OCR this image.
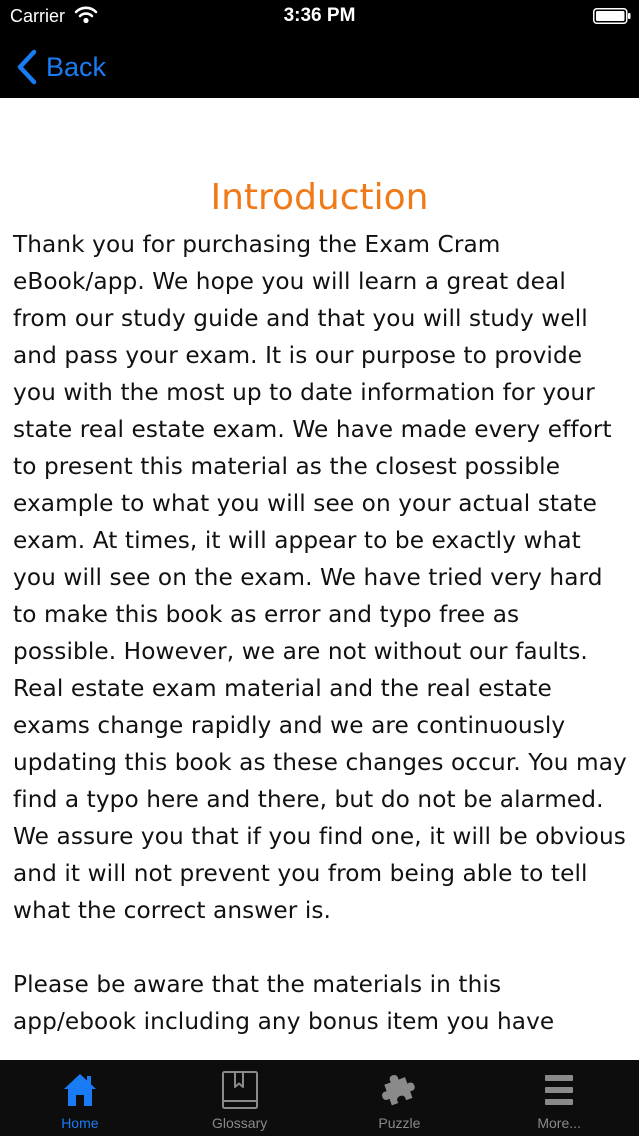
Carrier	3:36 PM
Back
Introduction

Thank you for purchasing the Exam Cram eBook/app. We hope you will learn a great deal from our study guide and that you will study well and pass your exam. It is our purpose to provide you with the most up to date information for your state real estate exam. We have made every effort to present this material as the closest possible example to what you will see on your actual state exam. At times, it will appear to be exactly what you will see on the exam. We have tried very hard to make this book as error and typo free as possible. However, we are not without our faults. Real estate exam material and the real estate exams change rapidly and we are continuously updating this book as these changes occur. You may find a typo here and there, but do not be alarmed. We assure you that if you find one, it will be obvious and it will not prevent you from being able to tell what the correct answer is.

Please be aware that the materials in this app/ebook including any bonus item you have

Home	Glossary	Puzzle	More...
